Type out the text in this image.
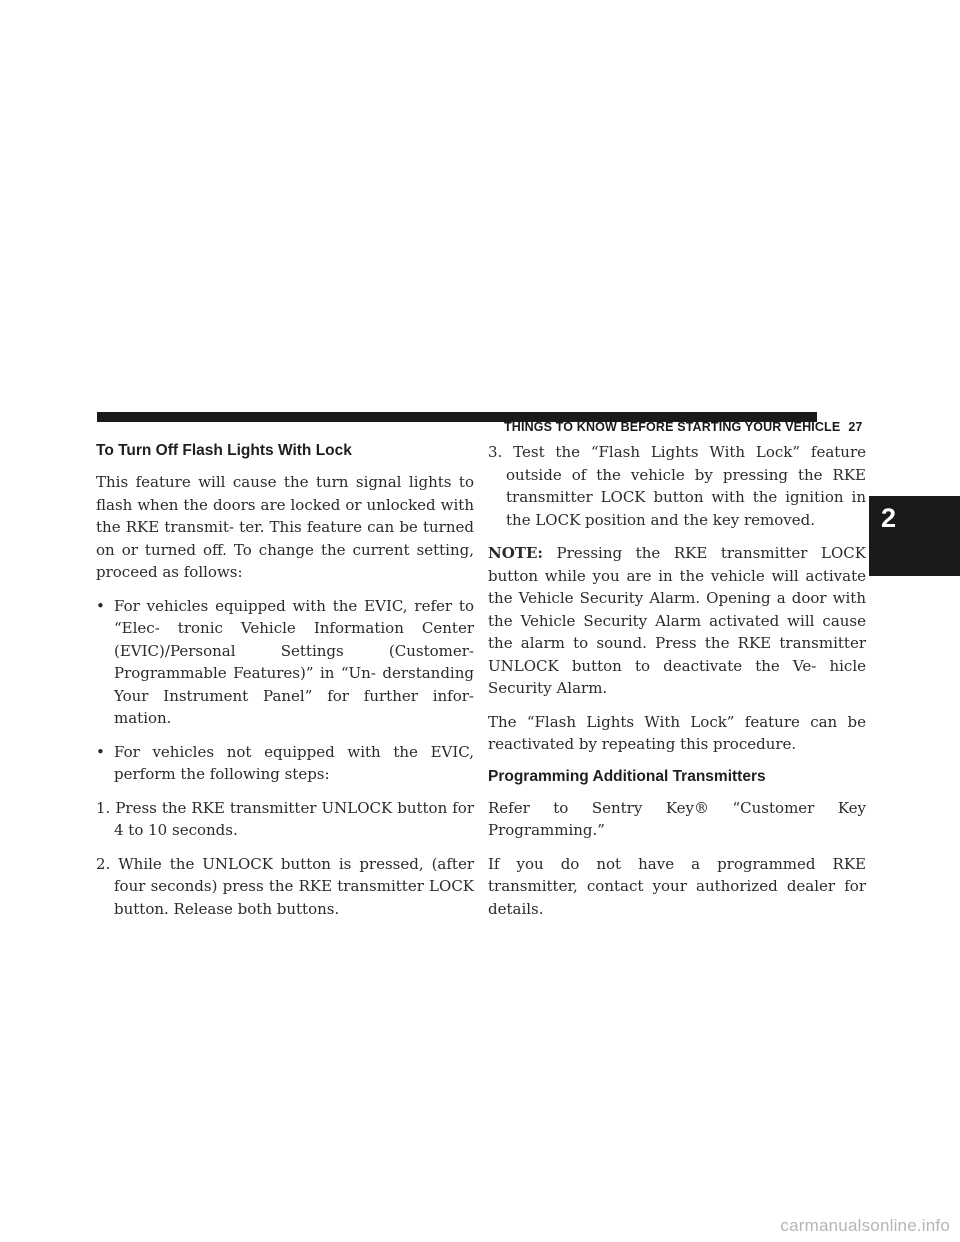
THINGS TO KNOW BEFORE STARTING YOUR VEHICLE 27
2
To Turn Off Flash Lights With Lock

This feature will cause the turn signal lights to flash when the doors are locked or unlocked with the RKE transmit- ter. This feature can be turned on or turned off. To change the current setting, proceed as follows:

• For vehicles equipped with the EVIC, refer to “Elec- tronic Vehicle Information Center (EVIC)/Personal Settings (Customer-Programmable Features)” in “Un- derstanding Your Instrument Panel” for further infor- mation.
• For vehicles not equipped with the EVIC, perform the following steps:
1. Press the RKE transmitter UNLOCK button for 4 to 10 seconds.
2. While the UNLOCK button is pressed, (after four seconds) press the RKE transmitter LOCK button. Release both buttons.
3. Test the “Flash Lights With Lock” feature outside of the vehicle by pressing the RKE transmitter LOCK button with the ignition in the LOCK position and the key removed.

NOTE: Pressing the RKE transmitter LOCK button while you are in the vehicle will activate the Vehicle Security Alarm. Opening a door with the Vehicle Security Alarm activated will cause the alarm to sound. Press the RKE transmitter UNLOCK button to deactivate the Ve- hicle Security Alarm.

The “Flash Lights With Lock” feature can be reactivated by repeating this procedure.

Programming Additional Transmitters

Refer to Sentry Key® “Customer Key Programming.”

If you do not have a programmed RKE transmitter, contact your authorized dealer for details.

carmanualsonline.info
